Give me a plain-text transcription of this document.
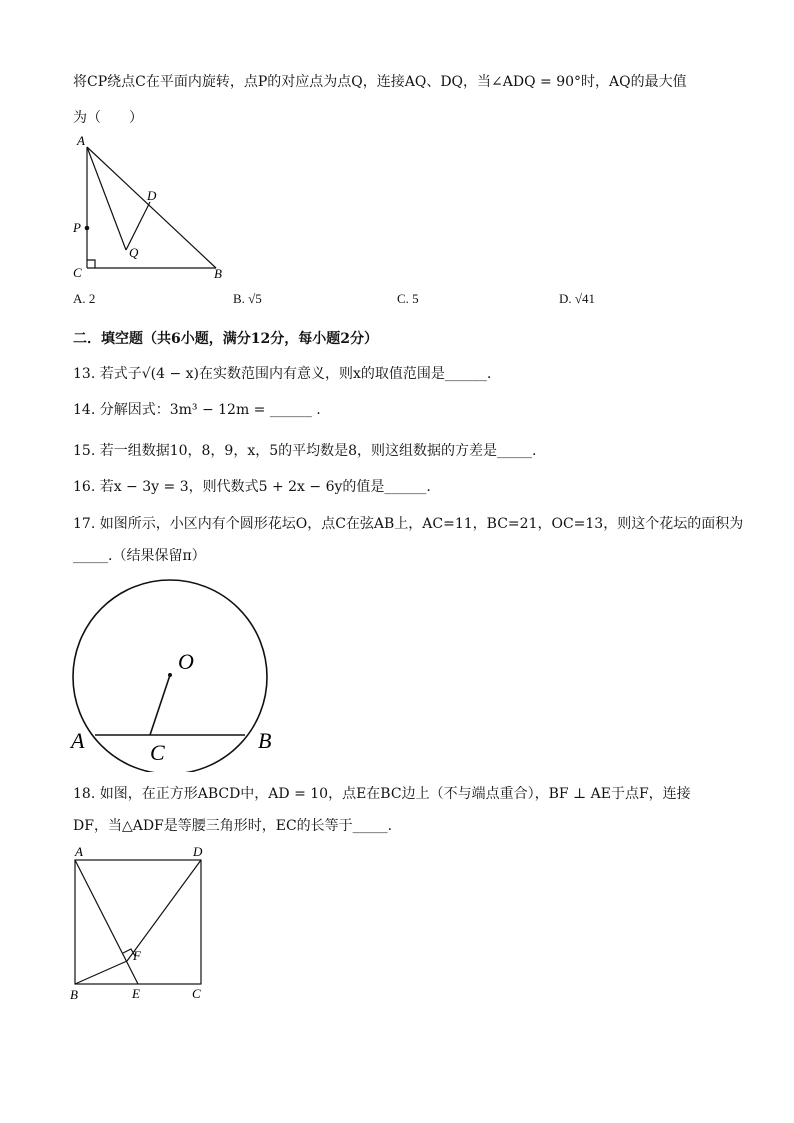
将CP绕点C在平面内旋转，点P的对应点为点Q，连接AQ、DQ，当∠ADQ = 90°时，AQ的最大值
为（　　）
A
D
P
Q
C	B
A. 2	B. √5	C. 5	D. √41
二．填空题（共6小题，满分12分，每小题2分）
13. 若式子√(4 − x)在实数范围内有意义，则x的取值范围是______.
14. 分解因式：3m³ − 12m = ______ .
15. 若一组数据10，8，9，x，5的平均数是8，则这组数据的方差是_____.
16. 若x − 3y = 3，则代数式5 + 2x − 6y的值是______.
17. 如图所示，小区内有个圆形花坛O，点C在弦AB上，AC=11，BC=21，OC=13，则这个花坛的面积为
_____.（结果保留π）
O
A	B
C
18. 如图，在正方形ABCD中，AD = 10，点E在BC边上（不与端点重合），BF ⊥ AE于点F，连接
DF，当△ADF是等腰三角形时，EC的长等于_____.
A	D
F
B	E	C
